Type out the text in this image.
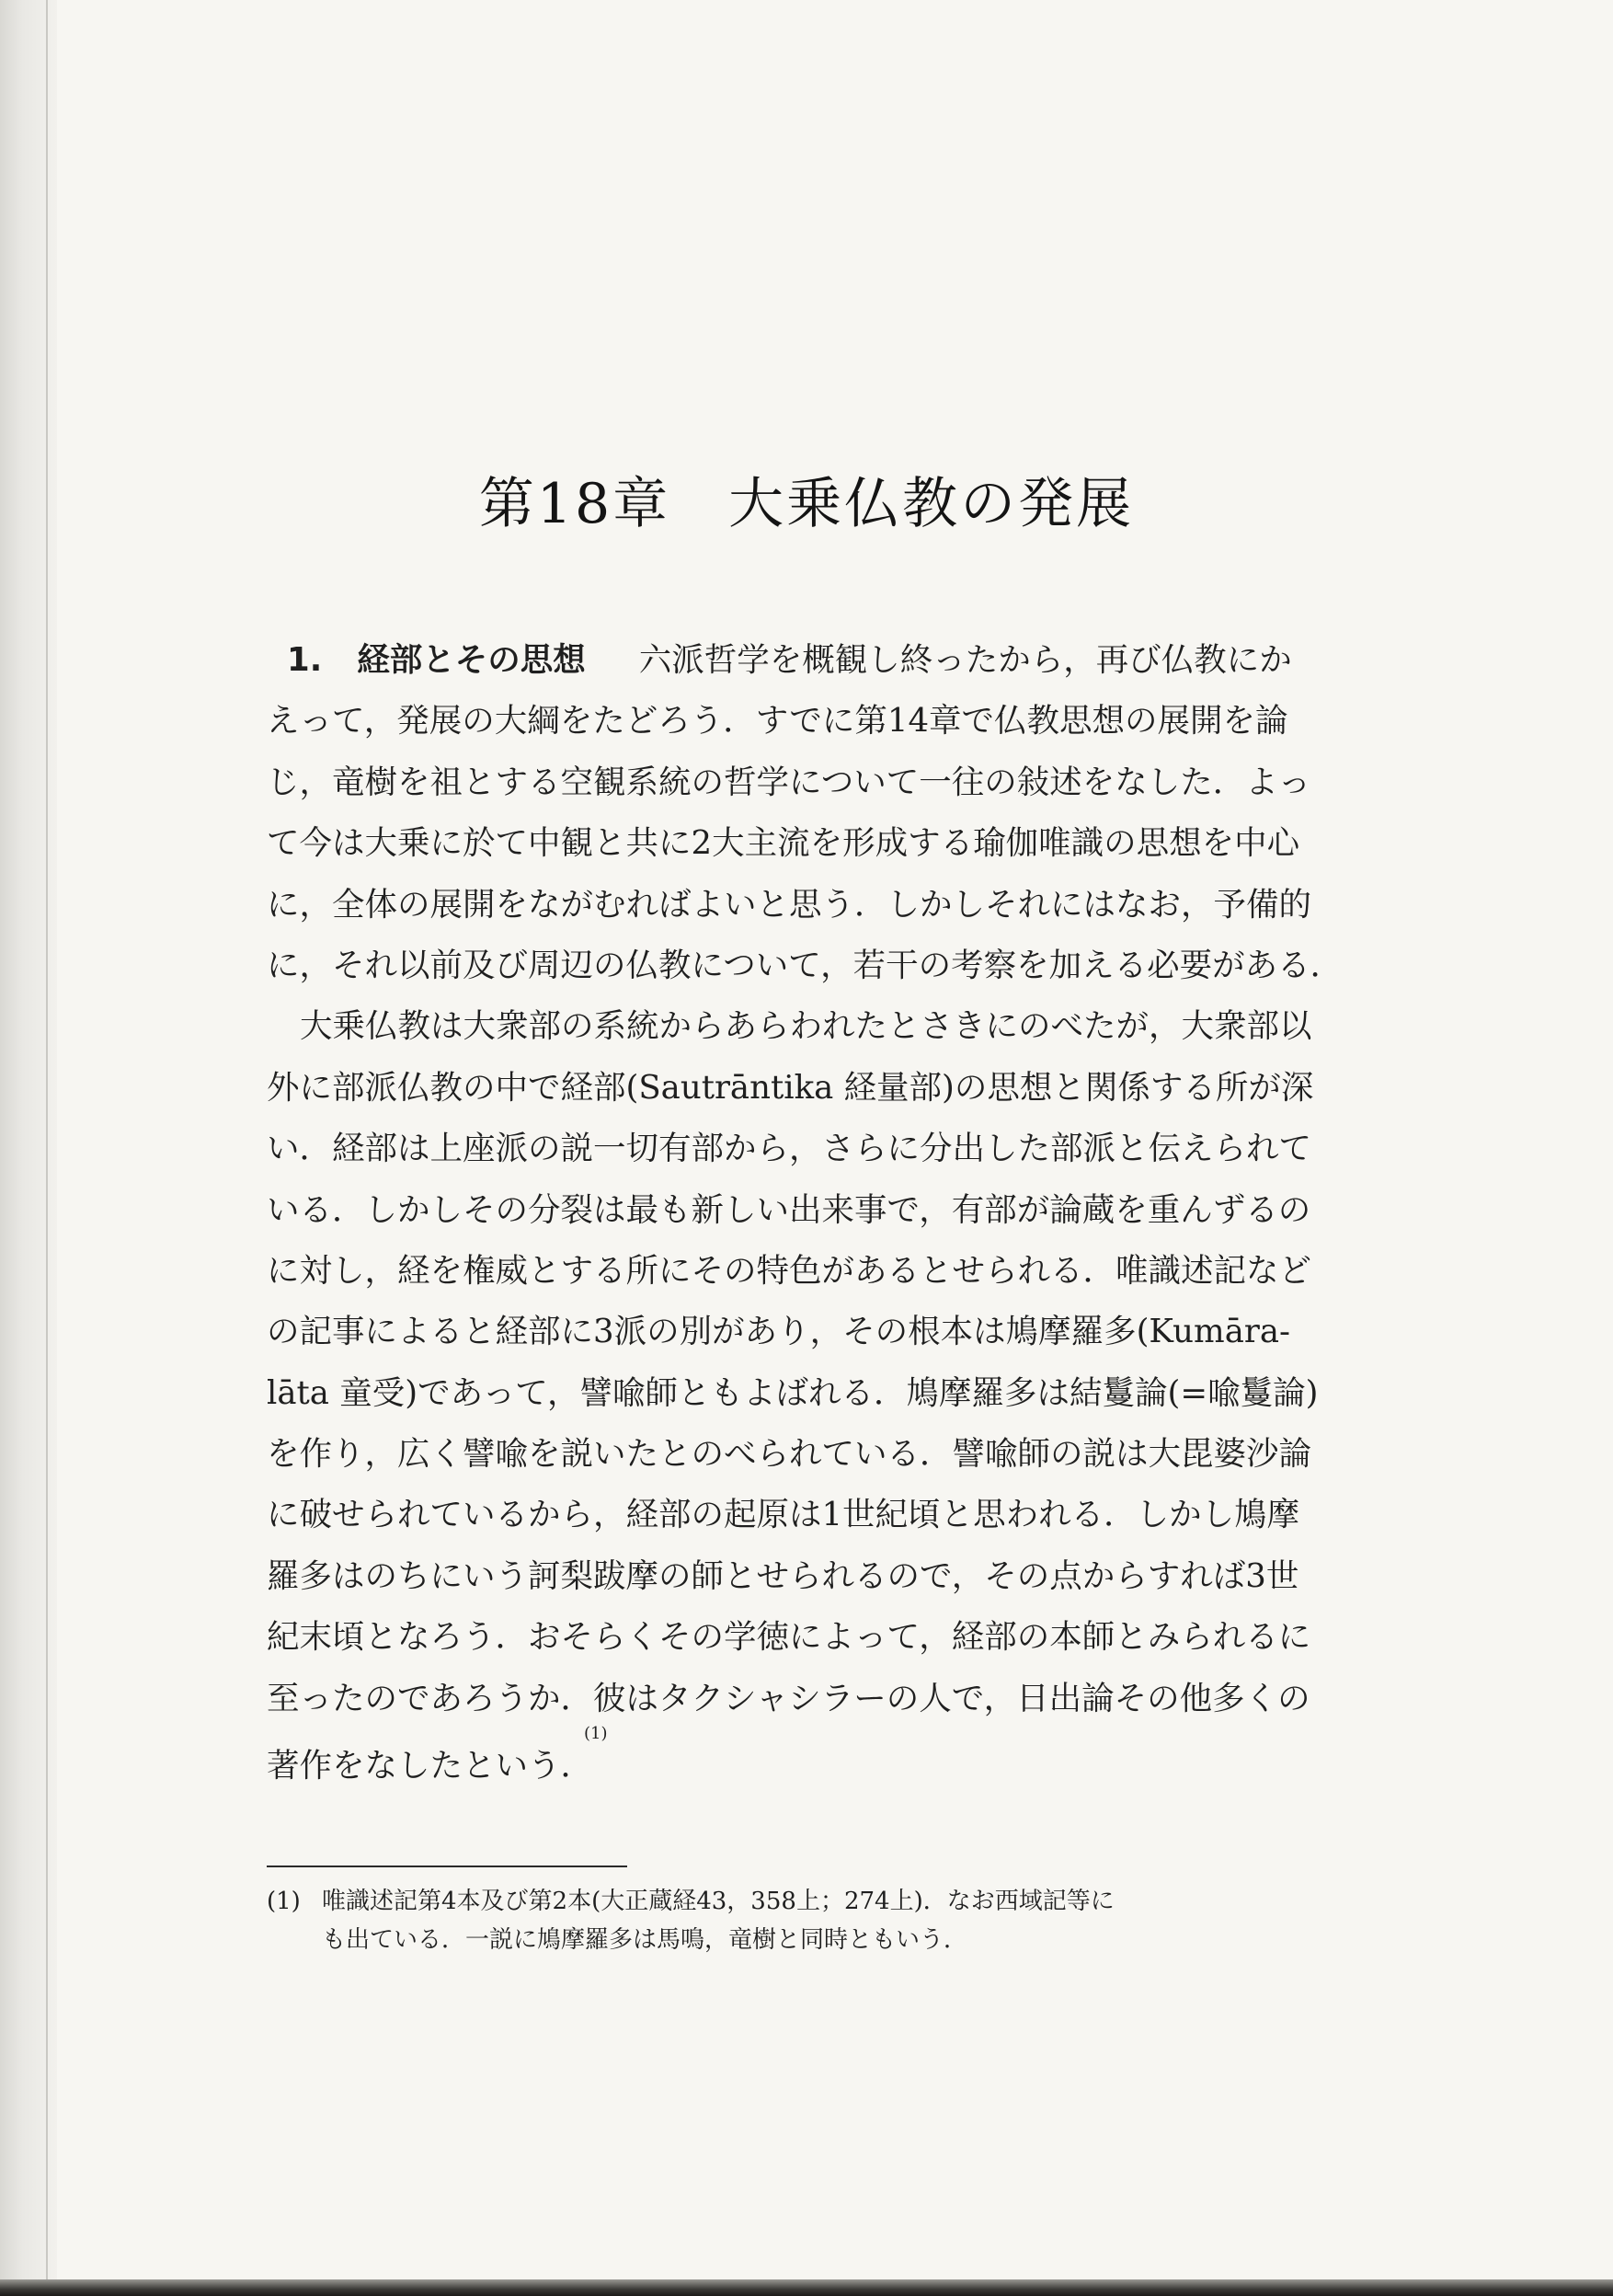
第18章　大乗仏教の発展
1. 経部とその思想 六派哲学を概観し終ったから，再び仏教にか
えって，発展の大綱をたどろう．すでに第14章で仏教思想の展開を論
じ，竜樹を祖とする空観系統の哲学について一往の敍述をなした．よっ
て今は大乗に於て中観と共に2大主流を形成する瑜伽唯識の思想を中心
に，全体の展開をながむればよいと思う．しかしそれにはなお，予備的
に，それ以前及び周辺の仏教について，若干の考察を加える必要がある．
大乗仏教は大衆部の系統からあらわれたとさきにのべたが，大衆部以
外に部派仏教の中で経部(Sautrāntika 経量部)の思想と関係する所が深
い．経部は上座派の説一切有部から，さらに分出した部派と伝えられて
いる．しかしその分裂は最も新しい出来事で，有部が論蔵を重んずるの
に対し，経を権威とする所にその特色があるとせられる．唯識述記など
の記事によると経部に3派の別があり，その根本は鳩摩羅多(Kumāra-
lāta 童受)であって，譬喩師ともよばれる．鳩摩羅多は結鬘論(=喩鬘論)
を作り，広く譬喩を説いたとのべられている．譬喩師の説は大毘婆沙論
に破せられているから，経部の起原は1世紀頃と思われる．しかし鳩摩
羅多はのちにいう訶梨跋摩の師とせられるので，その点からすれば3世
紀末頃となろう．おそらくその学徳によって，経部の本師とみられるに
至ったのであろうか．彼はタクシャシラーの人で，日出論その他多くの
著作をなしたという．$^{(1)}$
(1) 唯識述記第4本及び第2本(大正蔵経43，358上；274上)．なお西域記等に
も出ている．一説に鳩摩羅多は馬鳴，竜樹と同時ともいう．
